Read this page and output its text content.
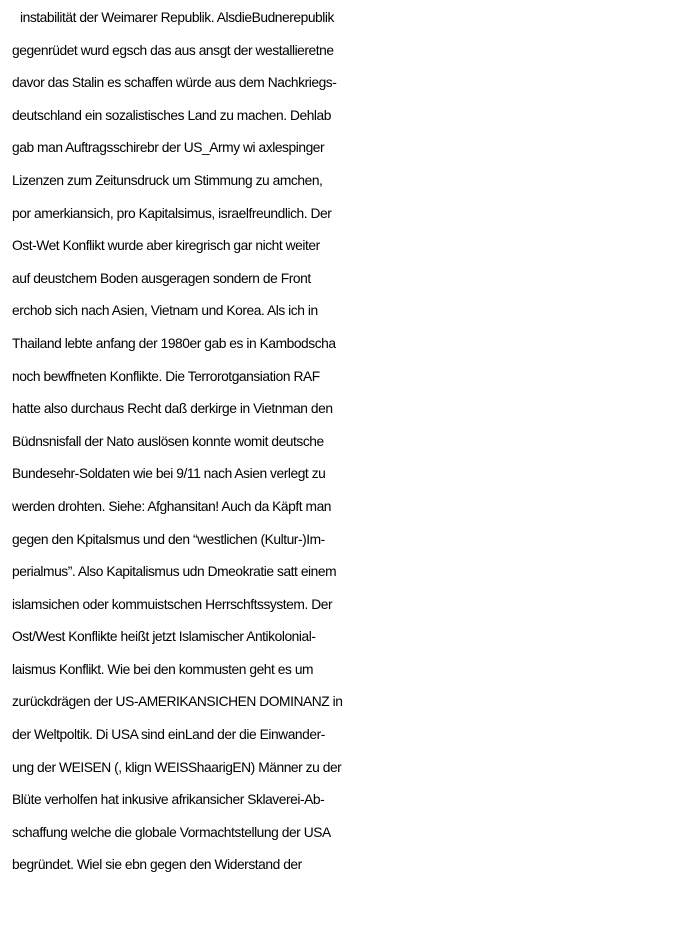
instabilität der Weimarer Republik. AlsdieBudnerepublik
gegenrüdet wurd egsch das aus ansgt der westallieretne
davor das Stalin es schaffen würde aus dem Nachkriegs-
deutschland ein sozalistisches Land zu machen. Dehlab
gab man Auftragsschirebr der US_Army wi axlespinger
Lizenzen zum Zeitunsdruck um Stimmung zu amchen,
por amerkiansich, pro Kapitalsimus, israelfreundlich. Der
Ost-Wet Konflikt wurde aber kiregrisch gar nicht weiter
auf deustchem Boden ausgeragen sondern de Front
erchob sich nach Asien, Vietnam und Korea. Als ich in
Thailand lebte anfang der 1980er gab es in Kambodscha
noch bewffneten Konflikte. Die Terrorotgansiation RAF
hatte also durchaus Recht daß derkirge in Vietnman den
Büdnsnisfall der Nato auslösen konnte womit deutsche
Bundesehr-Soldaten wie bei 9/11 nach Asien verlegt zu
werden drohten. Siehe: Afghansitan! Auch da Käpft man
gegen den Kpitalsmus und den “westlichen (Kultur-)Im-
perialmus”. Also Kapitalismus udn Dmeokratie satt einem
islamsichen oder kommuistschen Herrschftssystem. Der
Ost/West Konflikte heißt jetzt Islamischer Antikolonial-
laismus Konflikt. Wie bei den kommusten geht es um
zurückdrägen der US-AMERIKANSICHEN DOMINANZ in
der Weltpoltik. Di USA sind einLand der die Einwander-
ung der WEISEN (, klign WEISShaarigEN) Männer zu der
Blüte verholfen hat inkusive afrikansicher Sklaverei-Ab-
schaffung welche die globale Vormachtstellung der USA
begründet. Wiel sie ebn gegen den Widerstand der
